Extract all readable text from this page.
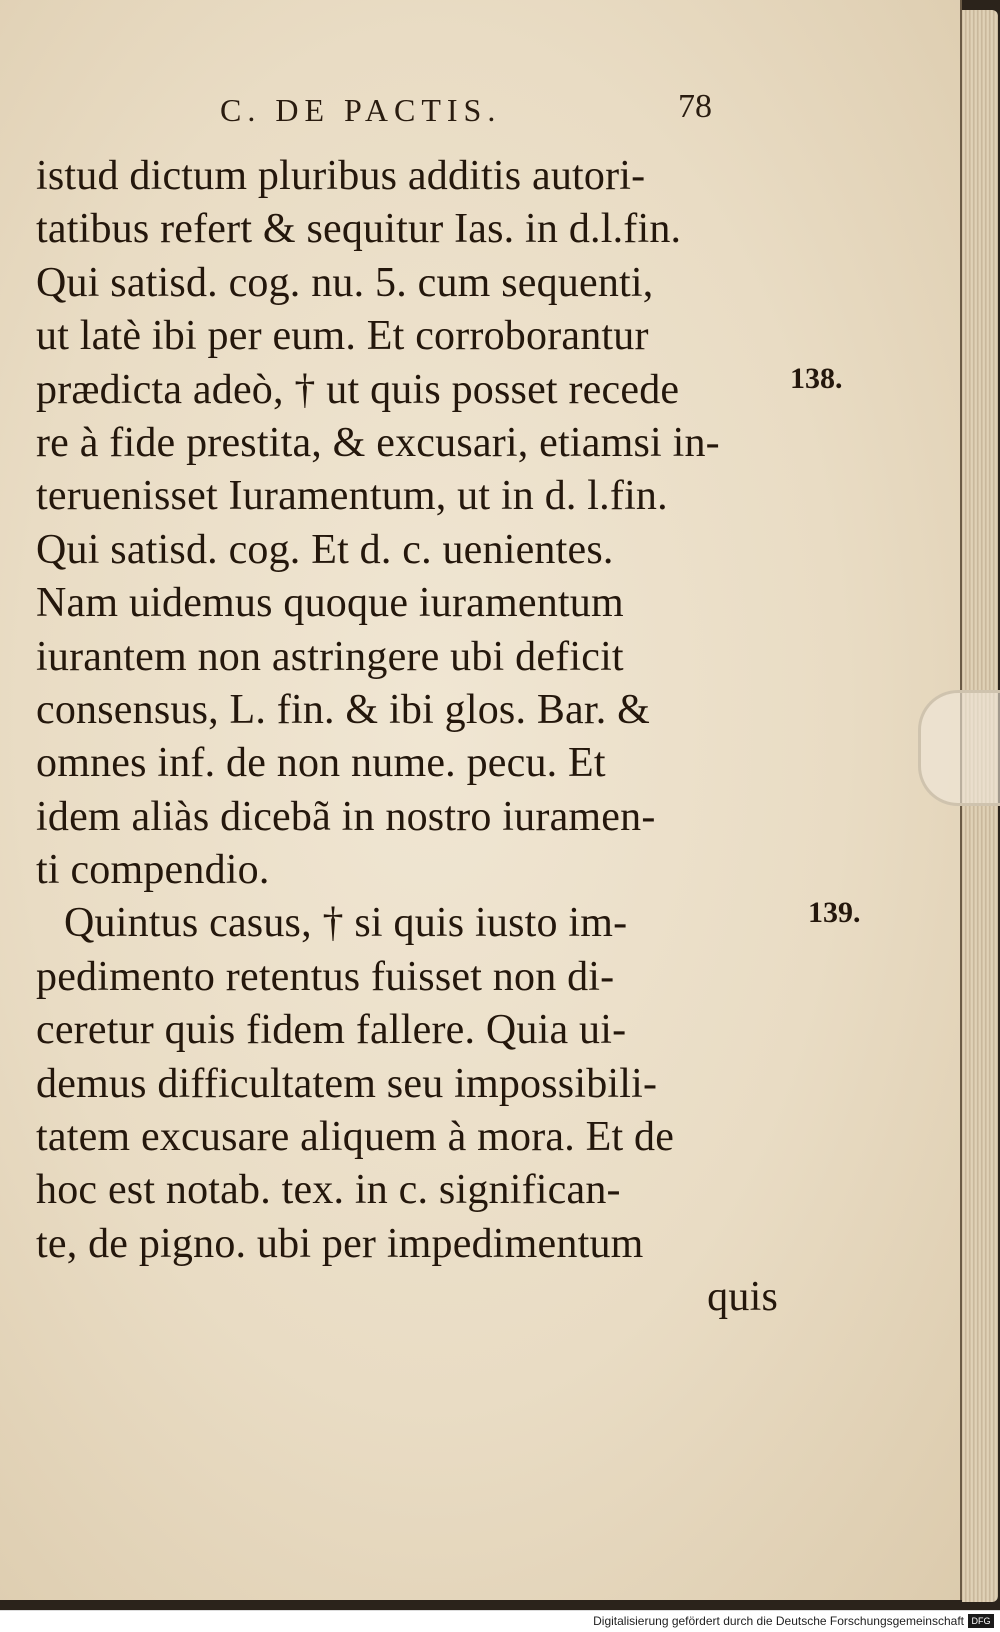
C. DE PACTIS.	78
istud dictum pluribus additis autori-
tatibus refert & sequitur Ias. in d.l.fin.
Qui satisd. cog. nu. 5. cum sequenti,
ut latè ibi per eum. Et corroborantur
prædicta adeò, † ut quis posset recede
re à fide prestita, & excusari, etiamsi in-
teruenisset Iuramentum, ut in d. l.fin.
Qui satisd. cog. Et d. c. uenientes.
Nam uidemus quoque iuramentum
iurantem non astringere ubi deficit
consensus, L. fin. & ibi glos. Bar. &
omnes inf. de non nume. pecu. Et
idem aliàs dicebã in nostro iuramen-
ti compendio.
Quintus casus, † si quis iusto im-
pedimento retentus fuisset non di-
ceretur quis fidem fallere. Quia ui-
demus difficultatem seu impossibili-
tatem excusare aliquem à mora. Et de
hoc est notab. tex. in c. significan-
te, de pigno. ubi per impedimentum
quis
138.
139.
Digitalisierung gefördert durch die Deutsche Forschungsgemeinschaft DFG
